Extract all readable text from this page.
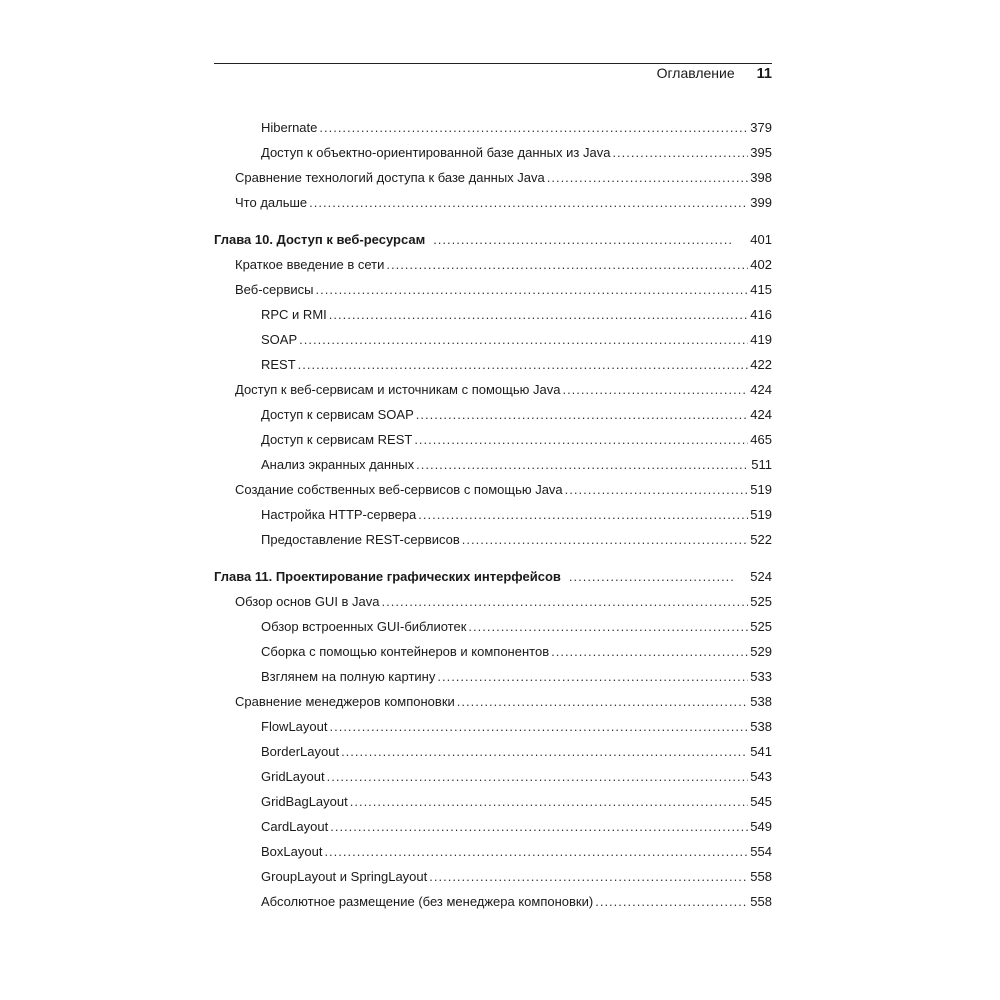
Оглавление 11
Hibernate .....	379
Доступ к объектно-ориентированной базе данных из Java .....	395
Сравнение технологий доступа к базе данных Java .....	398
Что дальше .....	399
Глава 10. Доступ к веб-ресурсам .....	401
Краткое введение в сети .....	402
Веб-сервисы .....	415
RPC и RMI .....	416
SOAP .....	419
REST .....	422
Доступ к веб-сервисам и источникам с помощью Java .....	424
Доступ к сервисам SOAP .....	424
Доступ к сервисам REST .....	465
Анализ экранных данных .....	511
Создание собственных веб-сервисов с помощью Java .....	519
Настройка HTTP-сервера .....	519
Предоставление REST-сервисов .....	522
Глава 11. Проектирование графических интерфейсов .....	524
Обзор основ GUI в Java .....	525
Обзор встроенных GUI-библиотек .....	525
Сборка с помощью контейнеров и компонентов .....	529
Взглянем на полную картину .....	533
Сравнение менеджеров компоновки .....	538
FlowLayout .....	538
BorderLayout .....	541
GridLayout .....	543
GridBagLayout .....	545
CardLayout .....	549
BoxLayout .....	554
GroupLayout и SpringLayout .....	558
Абсолютное размещение (без менеджера компоновки) .....	558
